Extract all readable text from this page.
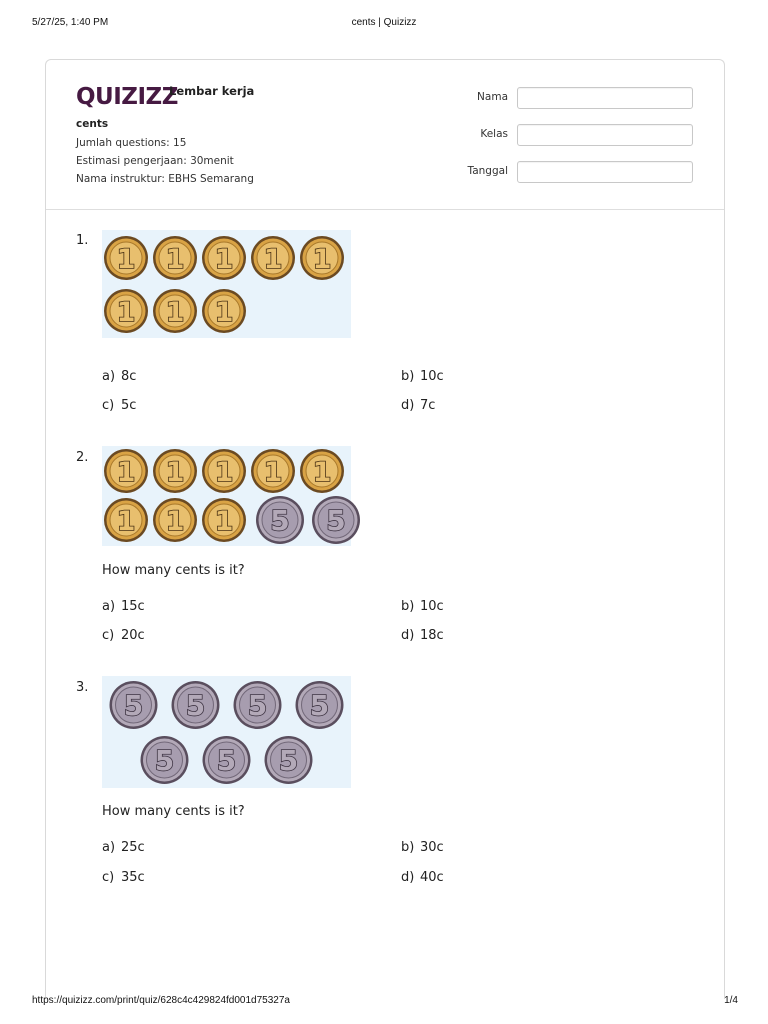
5/27/25, 1:40 PM	cents | Quizizz
QUIZIZZ
Lembar kerja
cents
Jumlah questions: 15
Estimasi pengerjaan: 30menit
Nama instruktur: EBHS Semarang
Nama
Kelas
Tanggal
1.
1 1 1 1 1
1 1 1
a) 8c	b) 10c
c) 5c	d) 7c
2. 1 1 1 1 1
1 1 1 5 5
How many cents is it?
a) 15c	b) 10c
c) 20c	d) 18c
3.
5 5 5 5
5 5 5
How many cents is it?
a) 25c	b) 30c
c) 35c	d) 40c
https://quizizz.com/print/quiz/628c4c429824fd001d75327a	1/4
